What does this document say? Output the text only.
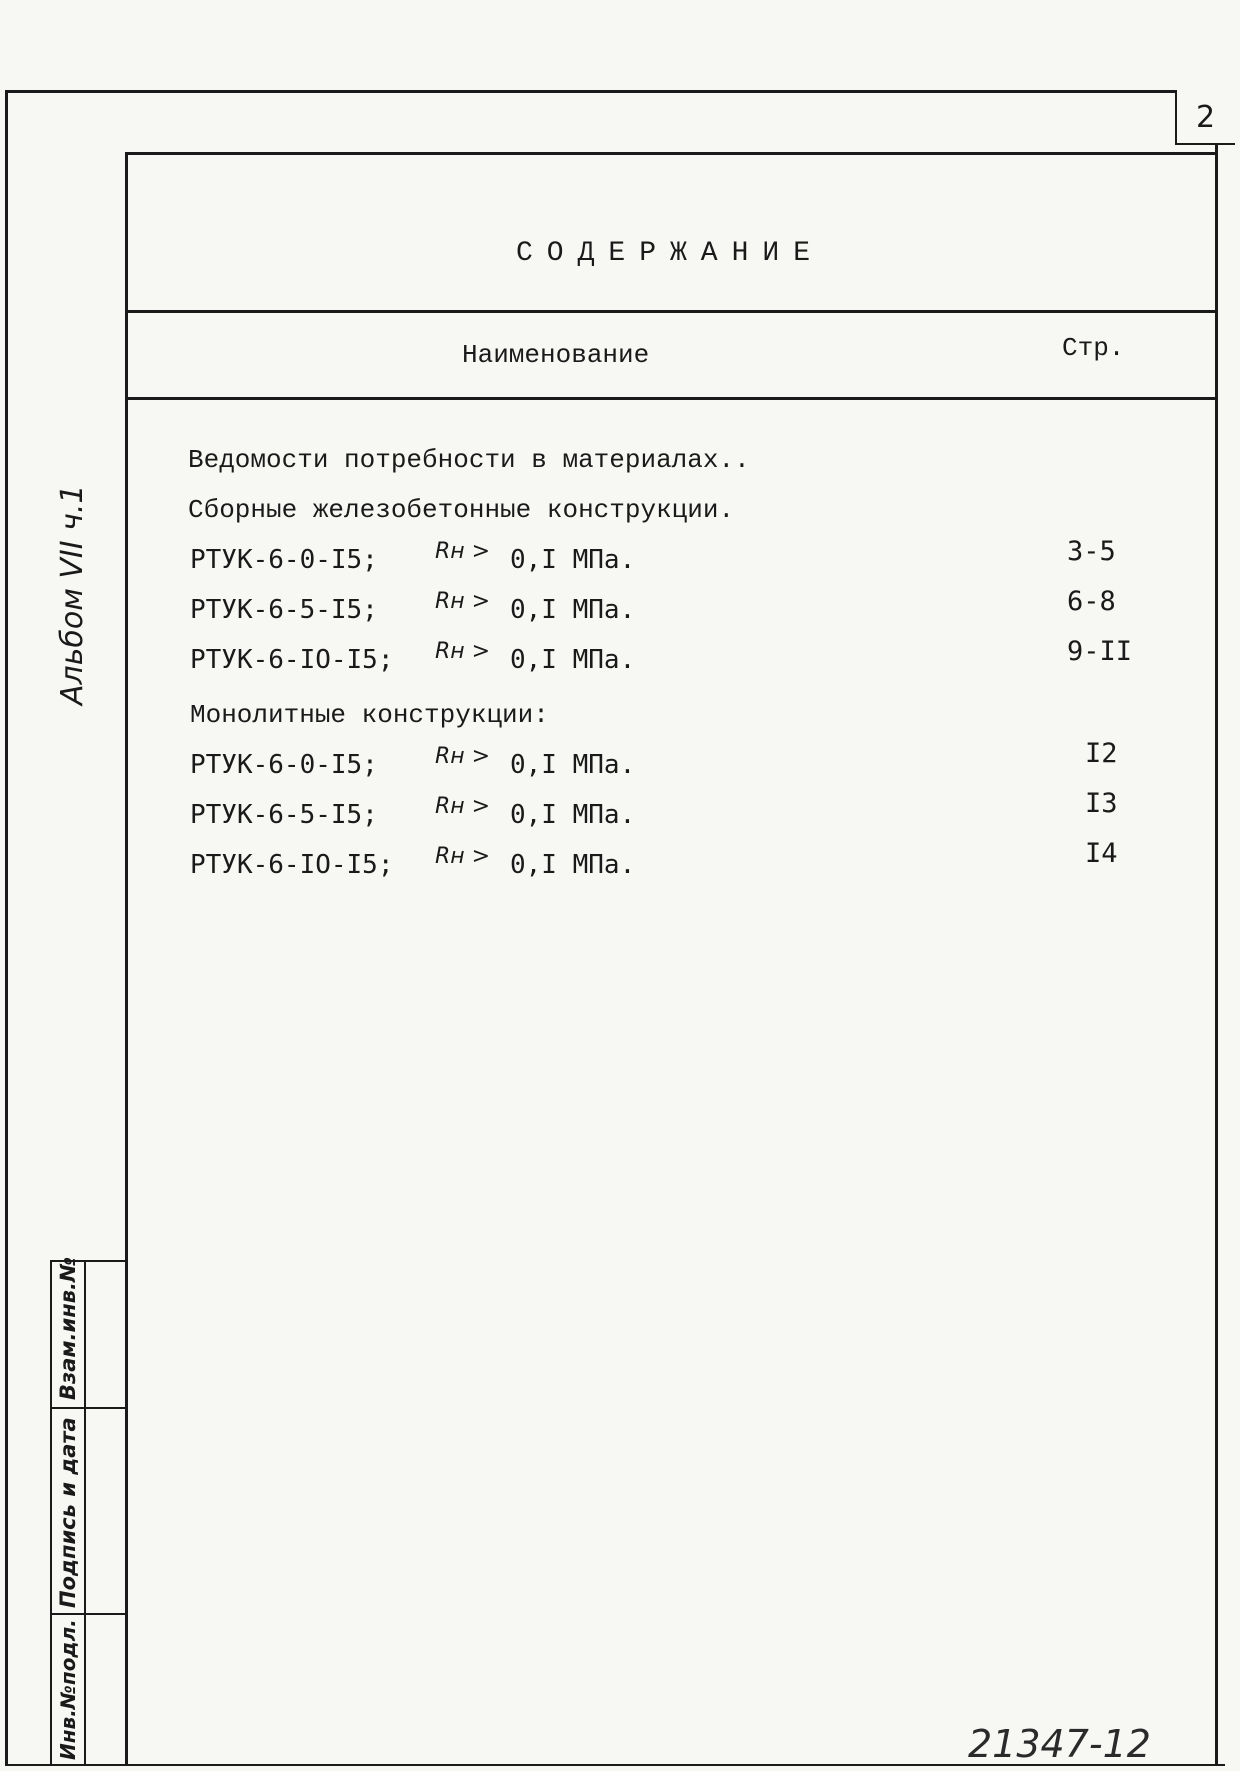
2
СОДЕРЖАНИЕ
Наименование	Стр.
Ведомости потребности в материалах..
Сборные железобетонные конструкции.
РТУК-6-0-I5;	Rн > 0,I МПа.	3-5
РТУК-6-5-I5;	Rн > 0,I МПа.	6-8
РТУК-6-IO-I5; Rн > 0,I МПа.	9-II
Монолитные конструкции:
РТУК-6-0-I5;	Rн > 0,I МПа.	I2
РТУК-6-5-I5;	Rн > 0,I МПа.	I3
РТУК-6-IO-I5; Rн > 0,I МПа.	I4
Альбом VII ч.1
Взам.инв.№
Подпись и дата
Инв.№подл.	21347-12
